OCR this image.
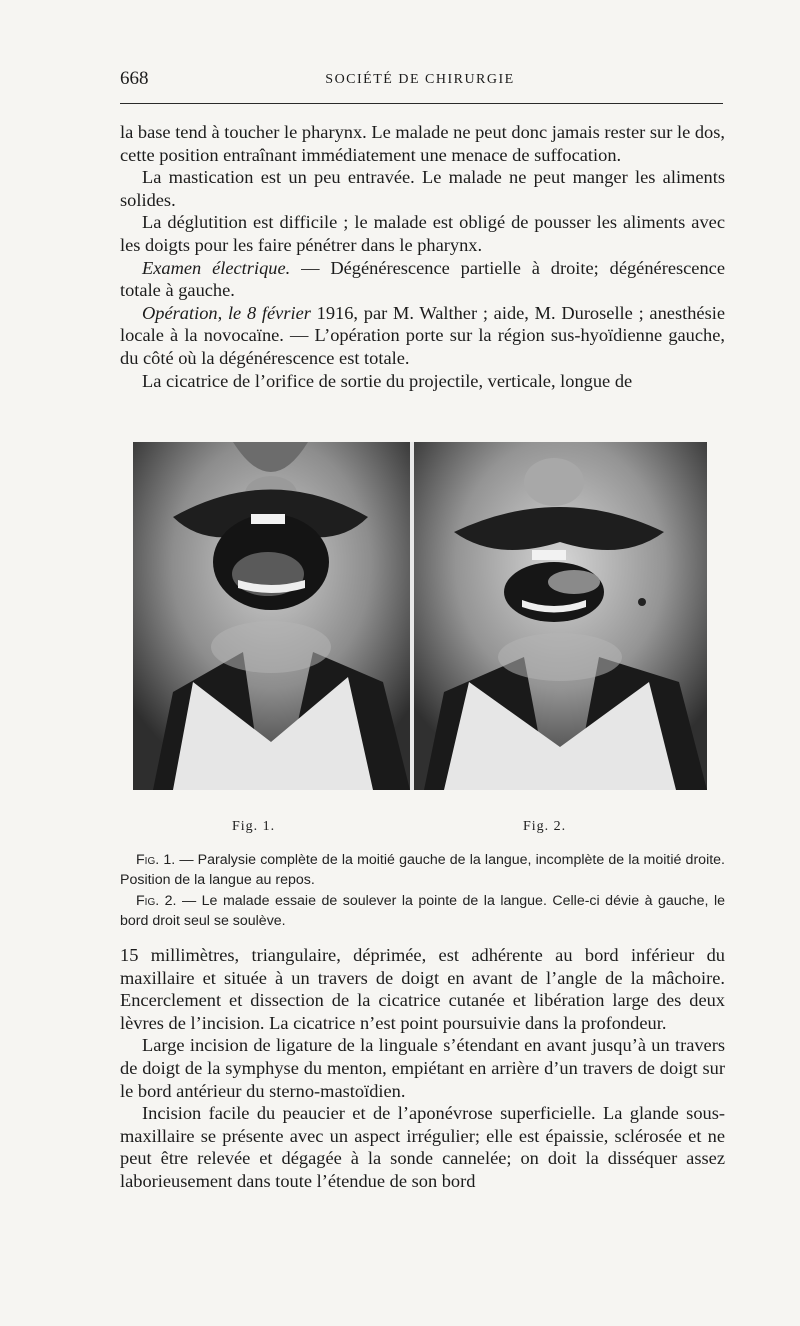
668	SOCIÉTÉ DE CHIRURGIE

la base tend à toucher le pharynx. Le malade ne peut donc jamais rester sur le dos, cette position entraînant immédiatement une menace de suffocation.

La mastication est un peu entravée. Le malade ne peut manger les aliments solides.

La déglutition est difficile ; le malade est obligé de pousser les aliments avec les doigts pour les faire pénétrer dans le pharynx.

Examen électrique. — Dégénérescence partielle à droite; dégénérescence totale à gauche.

Opération, le 8 février 1916, par M. Walther ; aide, M. Duroselle ; anesthésie locale à la novocaïne. — L’opération porte sur la région sus-hyoïdienne gauche, du côté où la dégénérescence est totale.

La cicatrice de l’orifice de sortie du projectile, verticale, longue de

Fig. 1.	Fig. 2.

Fig. 1. — Paralysie complète de la moitié gauche de la langue, incomplète de la moitié droite. Position de la langue au repos.

Fig. 2. — Le malade essaie de soulever la pointe de la langue. Celle-ci dévie à gauche, le bord droit seul se soulève.

15 millimètres, triangulaire, déprimée, est adhérente au bord inférieur du maxillaire et située à un travers de doigt en avant de l’angle de la mâchoire. Encerclement et dissection de la cicatrice cutanée et libération large des deux lèvres de l’incision. La cicatrice n’est point poursuivie dans la profondeur.

Large incision de ligature de la linguale s’étendant en avant jusqu’à un travers de doigt de la symphyse du menton, empiétant en arrière d’un travers de doigt sur le bord antérieur du sterno-mastoïdien.

Incision facile du peaucier et de l’aponévrose superficielle. La glande sous-maxillaire se présente avec un aspect irrégulier; elle est épaissie, sclérosée et ne peut être relevée et dégagée à la sonde cannelée; on doit la disséquer assez laborieusement dans toute l’étendue de son bord
